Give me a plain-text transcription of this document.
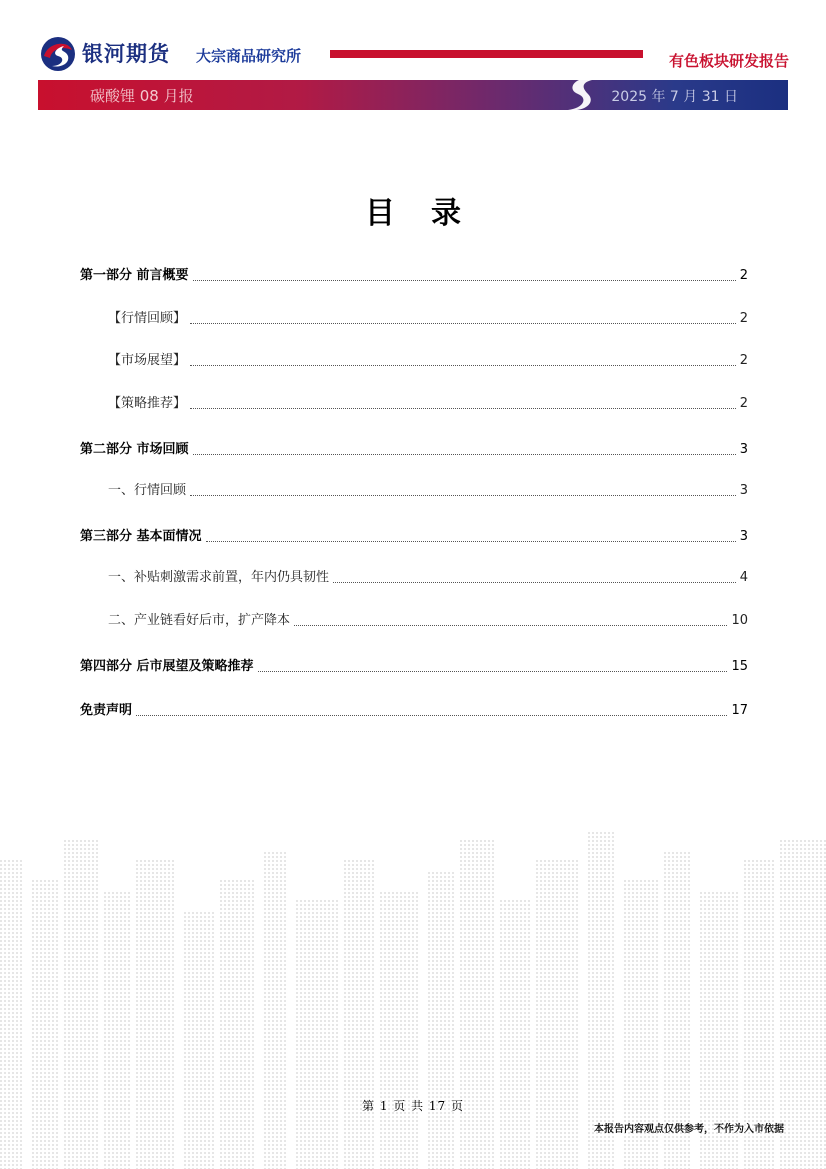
银河期货 大宗商品研究所	有色板块研发报告
碳酸锂 08 月报	2025 年 7 月 31 日
目录
第一部分 前言概要	2
【行情回顾】	2
【市场展望】	2
【策略推荐】	2
第二部分 市场回顾	3
一、行情回顾	3
第三部分 基本面情况	3
一、补贴刺激需求前置，年内仍具韧性	4
二、产业链看好后市，扩产降本	10
第四部分 后市展望及策略推荐	15
免责声明	17
第 1 页 共 17 页
本报告内容观点仅供参考，不作为入市依据
